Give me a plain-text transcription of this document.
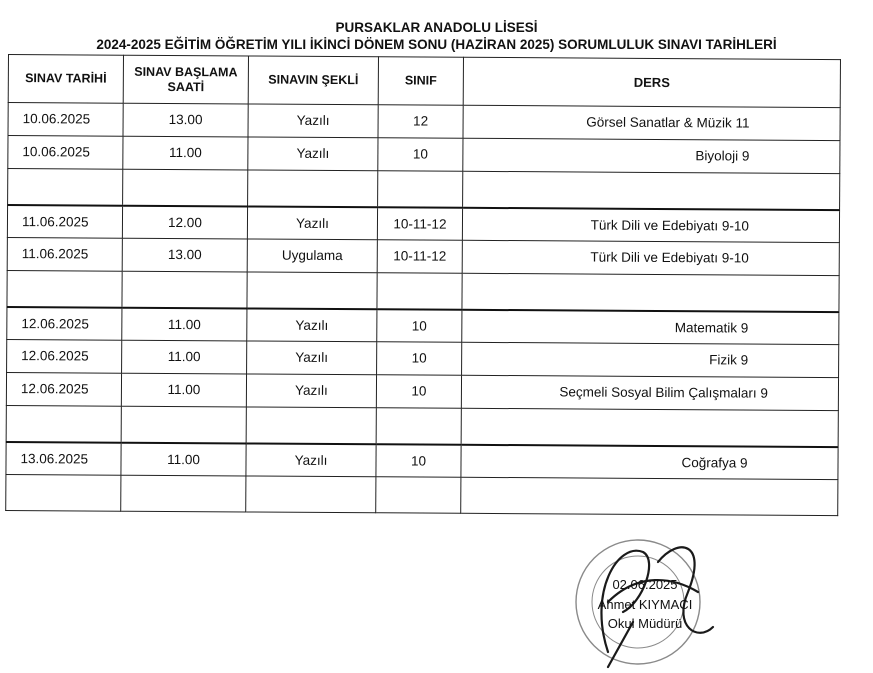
PURSAKLAR ANADOLU LİSESİ
2024-2025 EĞİTİM ÖĞRETİM YILI İKİNCİ DÖNEM SONU (HAZİRAN 2025) SORUMLULUK SINAVI TARİHLERİ
SINAV TARİHİ	SINAV BAŞLAMA
SAATİ	SINAVIN ŞEKLİ	SINIF	DERS
10.06.2025	13.00	Yazılı	12	Görsel Sanatlar & Müzik 11
10.06.2025	11.00	Yazılı	10	Biyoloji 9

11.06.2025	12.00	Yazılı	10-11-12	Türk Dili ve Edebiyatı 9-10
11.06.2025	13.00	Uygulama	10-11-12	Türk Dili ve Edebiyatı 9-10

12.06.2025	11.00	Yazılı	10	Matematik 9
12.06.2025	11.00	Yazılı	10	Fizik 9
12.06.2025	11.00	Yazılı	10	Seçmeli Sosyal Bilim Çalışmaları 9

13.06.2025	11.00	Yazılı	10	Coğrafya 9

02.06.2025
Ahmet KIYMACI
Okul Müdürü
